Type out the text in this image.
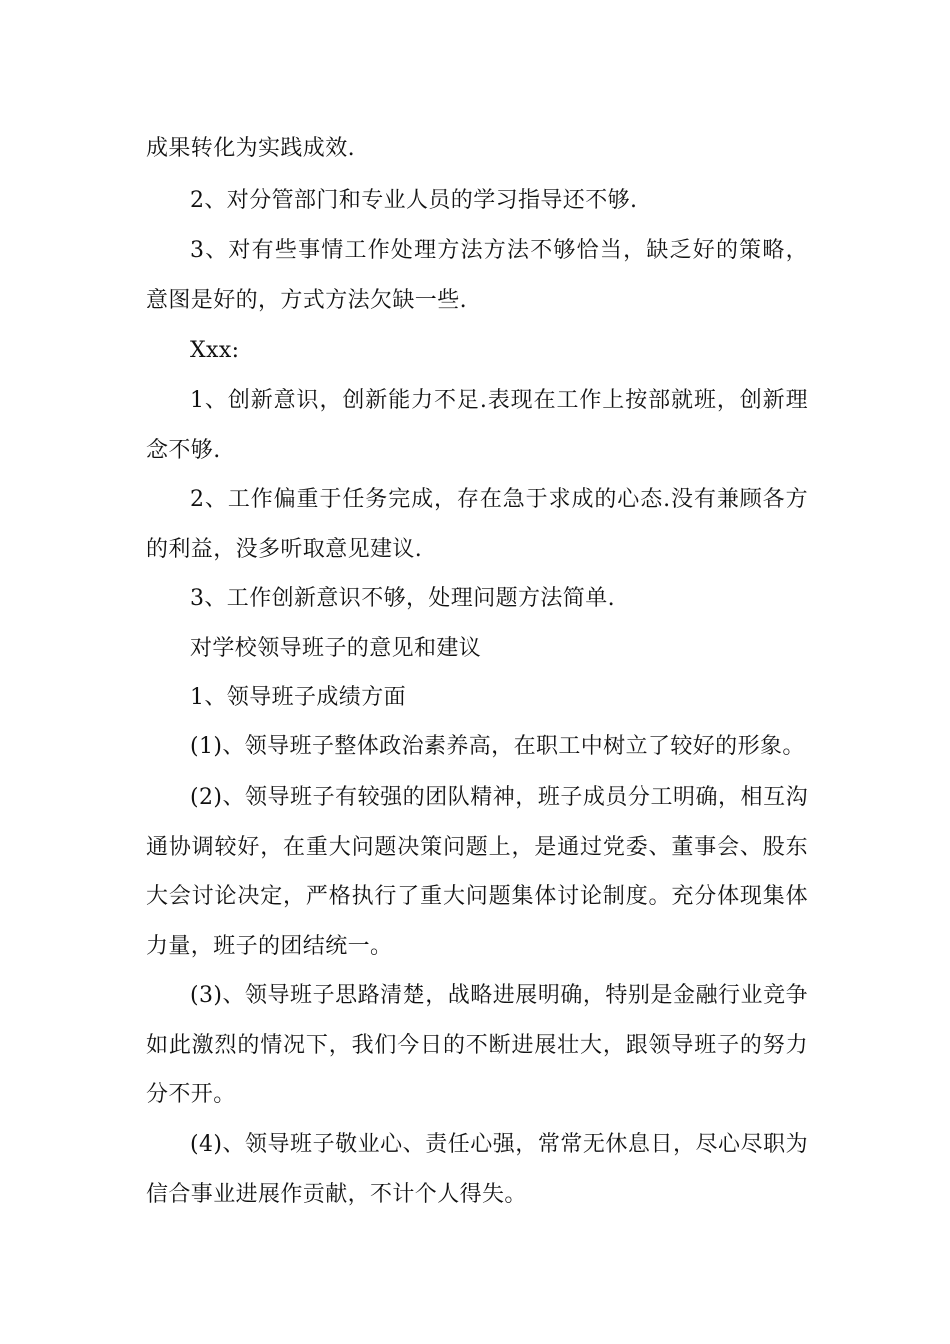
成果转化为实践成效.

2、对分管部门和专业人员的学习指导还不够.

3、对有些事情工作处理方法方法不够恰当，缺乏好的策略，意图是好的，方式方法欠缺一些.

Xxx:

1、创新意识，创新能力不足.表现在工作上按部就班，创新理念不够.

2、工作偏重于任务完成，存在急于求成的心态.没有兼顾各方的利益，没多听取意见建议.

3、工作创新意识不够，处理问题方法简单.

对学校领导班子的意见和建议

1、领导班子成绩方面

(1)、领导班子整体政治素养高，在职工中树立了较好的形象。

(2)、领导班子有较强的团队精神，班子成员分工明确，相互沟通协调较好，在重大问题决策问题上，是通过党委、董事会、股东大会讨论决定，严格执行了重大问题集体讨论制度。充分体现集体力量，班子的团结统一。

(3)、领导班子思路清楚，战略进展明确，特别是金融行业竞争如此激烈的情况下，我们今日的不断进展壮大，跟领导班子的努力分不开。

(4)、领导班子敬业心、责任心强，常常无休息日，尽心尽职为信合事业进展作贡献，不计个人得失。
